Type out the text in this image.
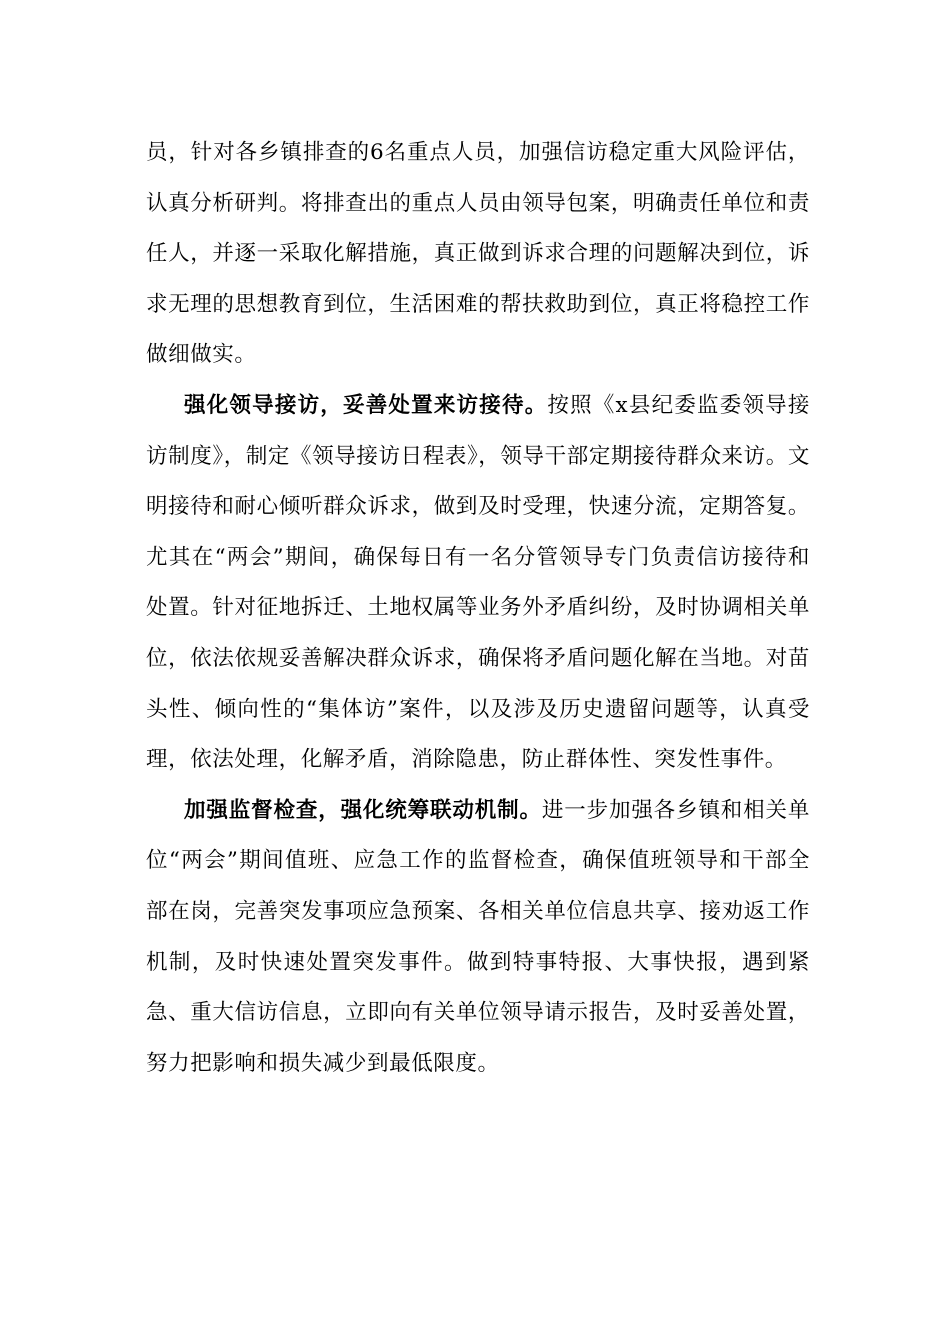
员，针对各乡镇排查的6名重点人员，加强信访稳定重大风险评估，认真分析研判。将排查出的重点人员由领导包案，明确责任单位和责任人，并逐一采取化解措施，真正做到诉求合理的问题解决到位，诉求无理的思想教育到位，生活困难的帮扶救助到位，真正将稳控工作做细做实。

强化领导接访，妥善处置来访接待。按照《x县纪委监委领导接访制度》，制定《领导接访日程表》，领导干部定期接待群众来访。文明接待和耐心倾听群众诉求，做到及时受理，快速分流，定期答复。尤其在“两会”期间，确保每日有一名分管领导专门负责信访接待和处置。针对征地拆迁、土地权属等业务外矛盾纠纷，及时协调相关单位，依法依规妥善解决群众诉求，确保将矛盾问题化解在当地。对苗头性、倾向性的“集体访”案件，以及涉及历史遗留问题等，认真受理，依法处理，化解矛盾，消除隐患，防止群体性、突发性事件。

加强监督检查，强化统筹联动机制。进一步加强各乡镇和相关单位“两会”期间值班、应急工作的监督检查，确保值班领导和干部全部在岗，完善突发事项应急预案、各相关单位信息共享、接劝返工作机制，及时快速处置突发事件。做到特事特报、大事快报，遇到紧急、重大信访信息，立即向有关单位领导请示报告，及时妥善处置，努力把影响和损失减少到最低限度。
